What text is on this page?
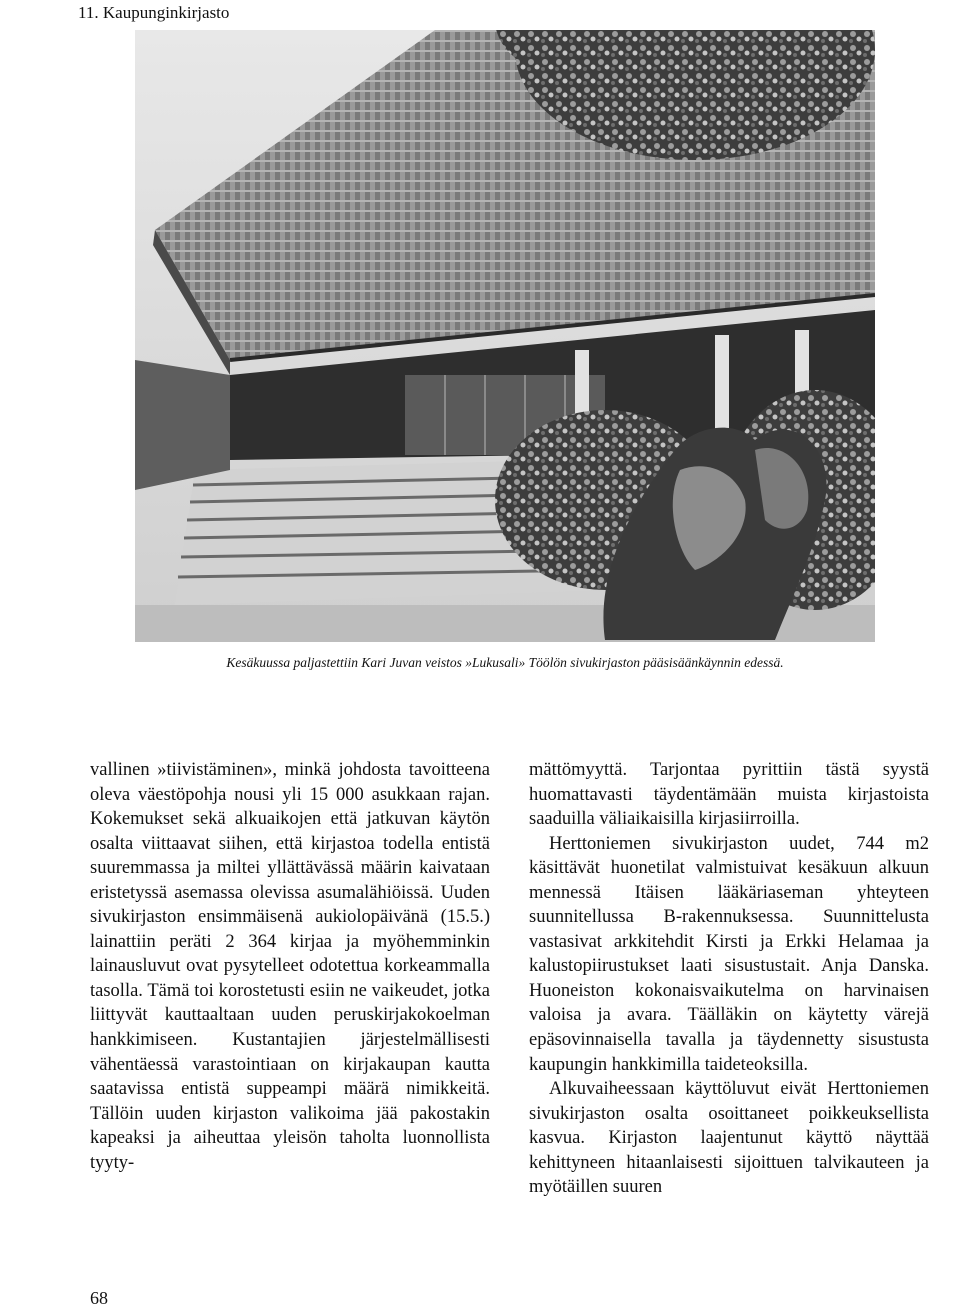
11. Kaupunginkirjasto
Kesäkuussa paljastettiin Kari Juvan veistos »Lukusali» Töölön sivukirjaston pääsisäänkäynnin edessä.

vallinen »tiivistäminen», minkä johdosta tavoitteena oleva väestöpohja nousi yli 15 000 asukkaan rajan. Kokemukset sekä alkuaikojen että jatkuvan käytön osalta viittaavat siihen, että kirjastoa todella entistä suuremmassa ja miltei yllättävässä määrin kaivataan eristetyssä asemassa olevissa asumalähiöissä. Uuden sivukirjaston ensimmäisenä aukiolopäivänä (15.5.) lainattiin peräti 2 364 kirjaa ja myöhemminkin lainausluvut ovat pysytelleet odotettua korkeammalla tasolla. Tämä toi korostetusti esiin ne vaikeudet, jotka liittyvät kauttaaltaan uuden peruskirjakokoelman hankkimiseen. Kustantajien järjestelmällisesti vähentäessä varastointiaan on kirjakaupan kautta saatavissa entistä suppeampi määrä nimikkeitä. Tällöin uuden kirjaston valikoima jää pakostakin kapeaksi ja aiheuttaa yleisön taholta luonnollista tyyty-

mättömyyttä. Tarjontaa pyrittiin tästä syystä huomattavasti täydentämään muista kirjastoista saaduilla väliaikaisilla kirjasiirroilla.

Herttoniemen sivukirjaston uudet, 744 m2 käsittävät huonetilat valmistuivat kesäkuun alkuun mennessä Itäisen lääkäriaseman yhteyteen suunnitellussa B-rakennuksessa. Suunnittelusta vastasivat arkkitehdit Kirsti ja Erkki Helamaa ja kalustopiirustukset laati sisustustait. Anja Danska. Huoneiston kokonaisvaikutelma on harvinaisen valoisa ja avara. Täälläkin on käytetty värejä epäsovinnaisella tavalla ja täydennetty sisustusta kaupungin hankkimilla taideteoksilla.

Alkuvaiheessaan käyttöluvut eivät Herttoniemen sivukirjaston osalta osoittaneet poikkeuksellista kasvua. Kirjaston laajentunut käyttö näyttää kehittyneen hitaanlaisesti sijoittuen talvikauteen ja myötäillen suuren

68
